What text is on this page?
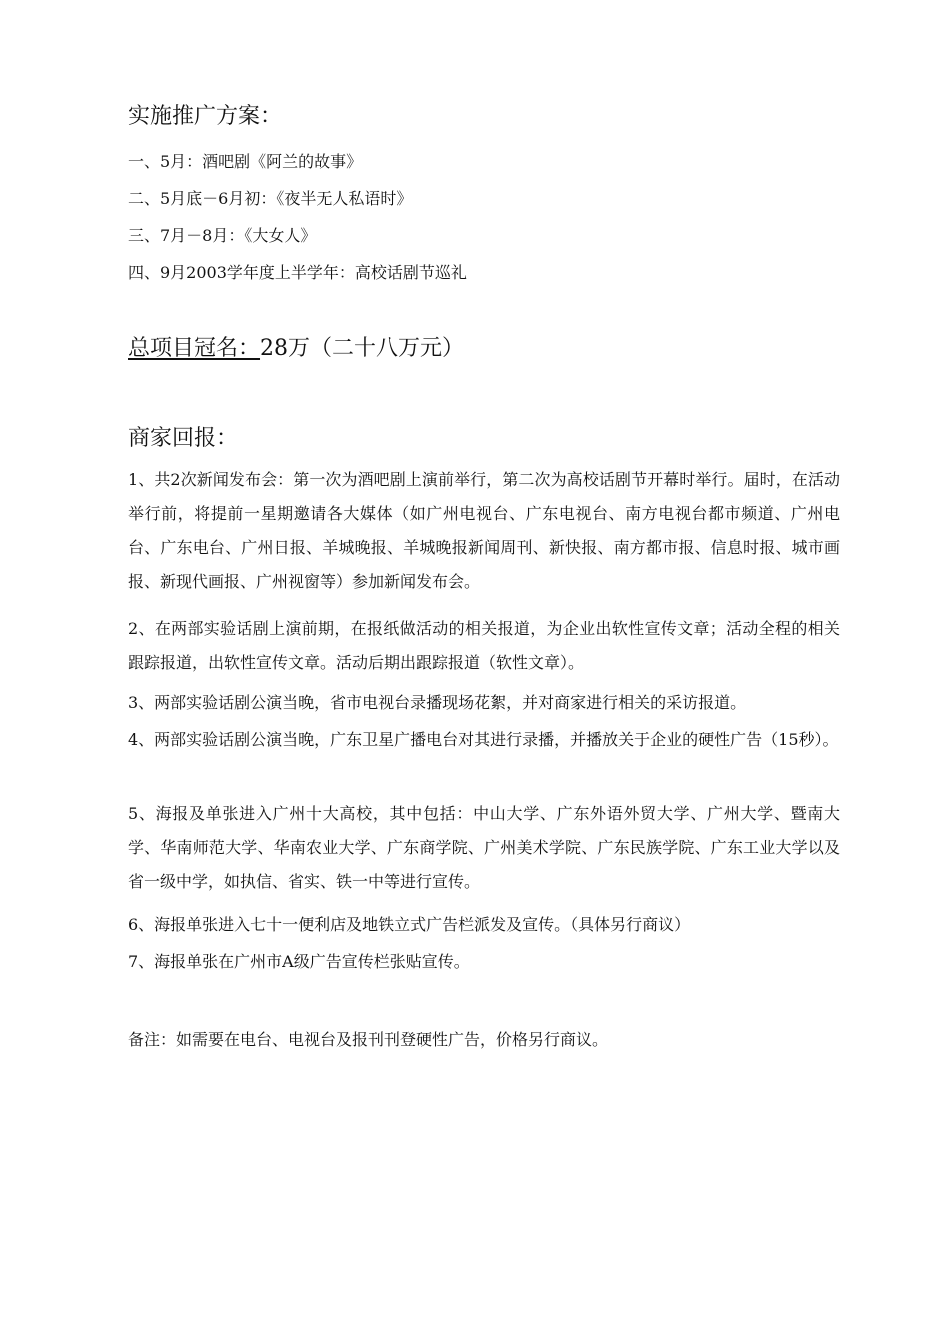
实施推广方案：
一、5月：酒吧剧《阿兰的故事》
二、5月底－6月初：《夜半无人私语时》
三、7月－8月：《大女人》
四、9月2003学年度上半学年：高校话剧节巡礼
总项目冠名：28万（二十八万元）
商家回报：
1、共2次新闻发布会：第一次为酒吧剧上演前举行，第二次为高校话剧节开幕时举行。届时，在活动举行前，将提前一星期邀请各大媒体（如广州电视台、广东电视台、南方电视台都市频道、广州电台、广东电台、广州日报、羊城晚报、羊城晚报新闻周刊、新快报、南方都市报、信息时报、城市画报、新现代画报、广州视窗等）参加新闻发布会。
2、在两部实验话剧上演前期，在报纸做活动的相关报道，为企业出软性宣传文章；活动全程的相关跟踪报道，出软性宣传文章。活动后期出跟踪报道（软性文章）。
3、两部实验话剧公演当晚，省市电视台录播现场花絮，并对商家进行相关的采访报道。
4、两部实验话剧公演当晚，广东卫星广播电台对其进行录播，并播放关于企业的硬性广告（15秒）。
5、海报及单张进入广州十大高校，其中包括：中山大学、广东外语外贸大学、广州大学、暨南大学、华南师范大学、华南农业大学、广东商学院、广州美术学院、广东民族学院、广东工业大学以及省一级中学，如执信、省实、铁一中等进行宣传。
6、海报单张进入七十一便利店及地铁立式广告栏派发及宣传。（具体另行商议）
7、海报单张在广州市A级广告宣传栏张贴宣传。
备注：如需要在电台、电视台及报刊刊登硬性广告，价格另行商议。
